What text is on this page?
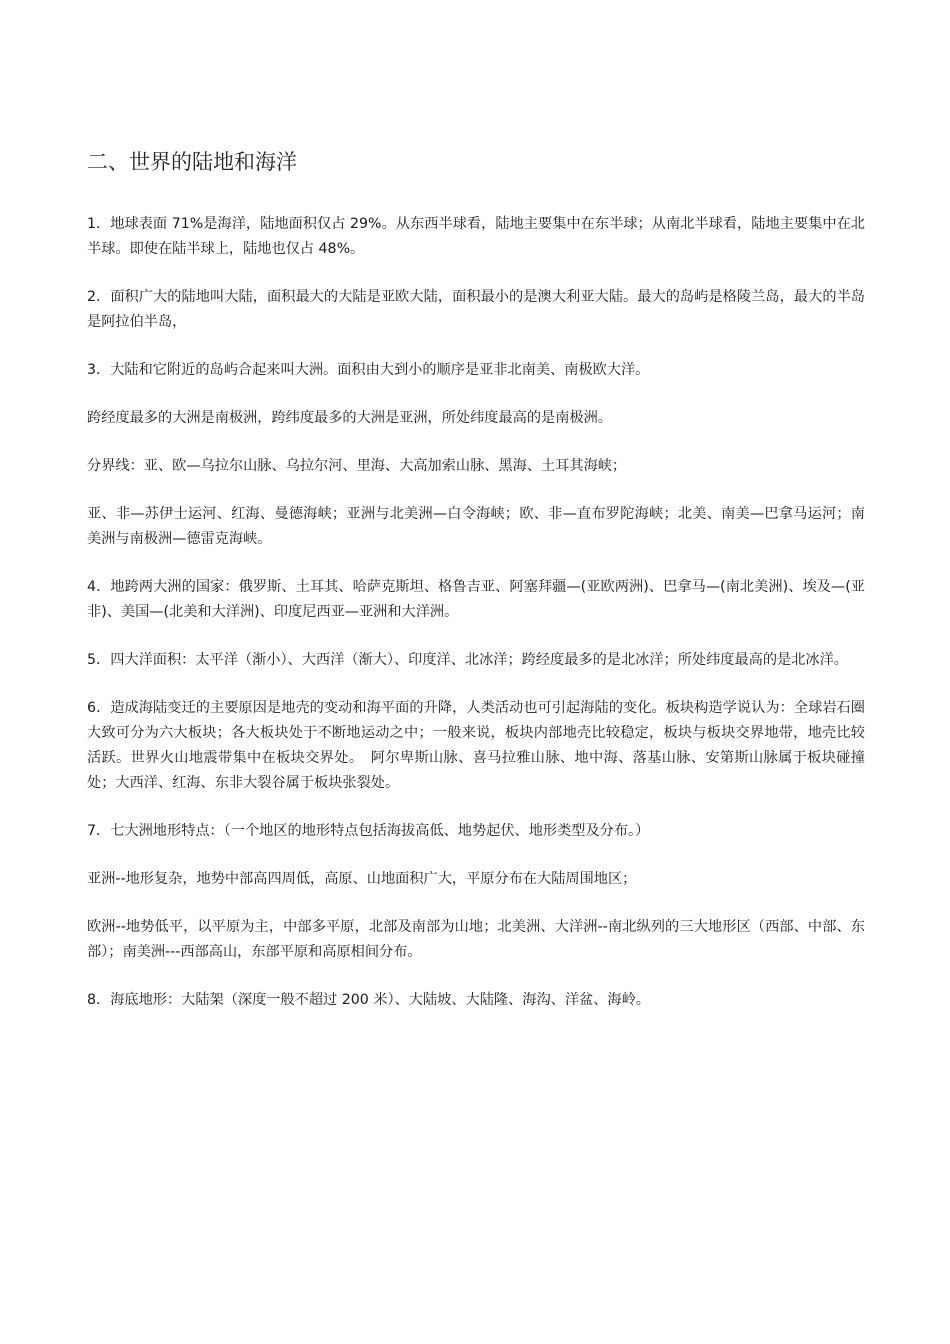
二、世界的陆地和海洋

1．地球表面 71%是海洋，陆地面积仅占 29%。从东西半球看，陆地主要集中在东半球；从南北半球看，陆地主要集中在北半球。即使在陆半球上，陆地也仅占 48%。

2．面积广大的陆地叫大陆，面积最大的大陆是亚欧大陆，面积最小的是澳大利亚大陆。最大的岛屿是格陵兰岛，最大的半岛是阿拉伯半岛，

3．大陆和它附近的岛屿合起来叫大洲。面积由大到小的顺序是亚非北南美、南极欧大洋。

跨经度最多的大洲是南极洲，跨纬度最多的大洲是亚洲，所处纬度最高的是南极洲。

分界线：亚、欧—乌拉尔山脉、乌拉尔河、里海、大高加索山脉、黑海、土耳其海峡；

亚、非—苏伊士运河、红海、曼德海峡；亚洲与北美洲—白令海峡；欧、非—直布罗陀海峡；北美、南美—巴拿马运河；南美洲与南极洲—德雷克海峡。

4．地跨两大洲的国家：俄罗斯、土耳其、哈萨克斯坦、格鲁吉亚、阿塞拜疆—(亚欧两洲)、巴拿马—(南北美洲)、埃及—(亚非)、美国—(北美和大洋洲)、印度尼西亚—亚洲和大洋洲。

5．四大洋面积：太平洋（渐小）、大西洋（渐大）、印度洋、北冰洋；跨经度最多的是北冰洋；所处纬度最高的是北冰洋。

6．造成海陆变迁的主要原因是地壳的变动和海平面的升降，人类活动也可引起海陆的变化。板块构造学说认为：全球岩石圈大致可分为六大板块；各大板块处于不断地运动之中；一般来说，板块内部地壳比较稳定，板块与板块交界地带，地壳比较活跃。世界火山地震带集中在板块交界处。　阿尔卑斯山脉、喜马拉雅山脉、地中海、落基山脉、安第斯山脉属于板块碰撞处；大西洋、红海、东非大裂谷属于板块张裂处。

7．七大洲地形特点：（一个地区的地形特点包括海拔高低、地势起伏、地形类型及分布。）

亚洲--地形复杂，地势中部高四周低，高原、山地面积广大，平原分布在大陆周围地区；

欧洲--地势低平，以平原为主，中部多平原，北部及南部为山地；北美洲、大洋洲--南北纵列的三大地形区（西部、中部、东部）；南美洲---西部高山，东部平原和高原相间分布。

8．海底地形：大陆架（深度一般不超过 200 米）、大陆坡、大陆隆、海沟、洋盆、海岭。
